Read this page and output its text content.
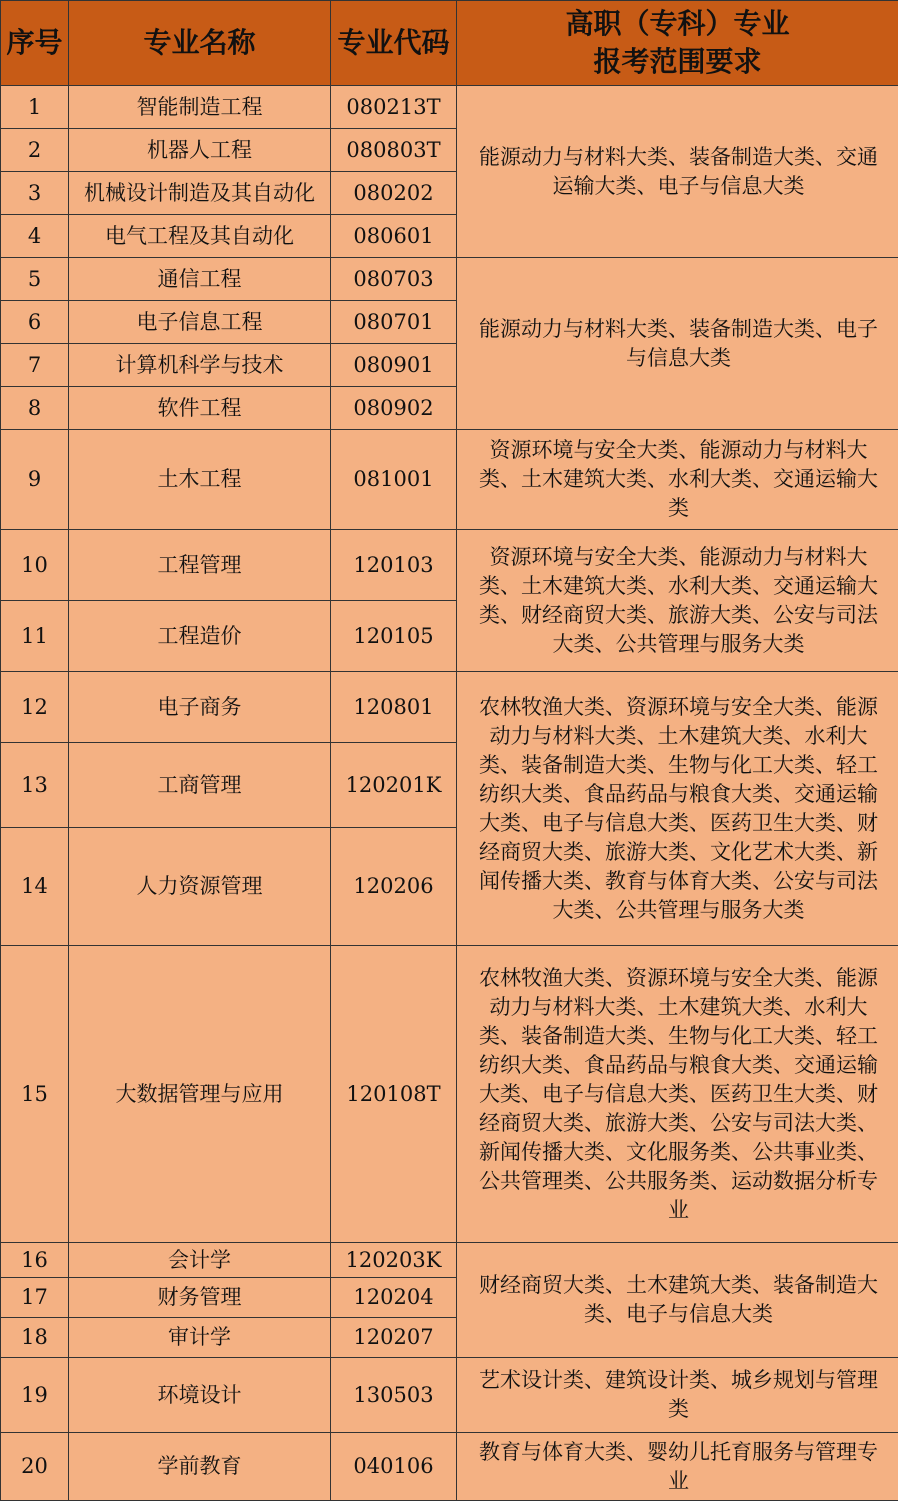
序号	专业名称	专业代码	高职（专科）专业
报考范围要求

1	智能制造工程	080213T	能源动力与材料大类、装备制造大类、交通运输大类、电子与信息大类
2	机器人工程	080803T	
3	机械设计制造及其自动化	080202	
4	电气工程及其自动化	080601	
5	通信工程	080703	能源动力与材料大类、装备制造大类、电子与信息大类
6	电子信息工程	080701	
7	计算机科学与技术	080901	
8	软件工程	080902	
9	土木工程	081001	资源环境与安全大类、能源动力与材料大类、土木建筑大类、水利大类、交通运输大类
10	工程管理	120103	资源环境与安全大类、能源动力与材料大类、土木建筑大类、水利大类、交通运输大类、财经商贸大类、旅游大类、公安与司法大类、公共管理与服务大类
11	工程造价	120105	
12	电子商务	120801	农林牧渔大类、资源环境与安全大类、能源动力与材料大类、土木建筑大类、水利大类、装备制造大类、生物与化工大类、轻工纺织大类、食品药品与粮食大类、交通运输大类、电子与信息大类、医药卫生大类、财经商贸大类、旅游大类、文化艺术大类、新闻传播大类、教育与体育大类、公安与司法大类、公共管理与服务大类
13	工商管理	120201K	
14	人力资源管理	120206	
15	大数据管理与应用	120108T	农林牧渔大类、资源环境与安全大类、能源动力与材料大类、土木建筑大类、水利大类、装备制造大类、生物与化工大类、轻工纺织大类、食品药品与粮食大类、交通运输大类、电子与信息大类、医药卫生大类、财经商贸大类、旅游大类、公安与司法大类、新闻传播大类、文化服务类、公共事业类、公共管理类、公共服务类、运动数据分析专业
16	会计学	120203K	财经商贸大类、土木建筑大类、装备制造大类、电子与信息大类
17	财务管理	120204	
18	审计学	120207	
19	环境设计	130503	艺术设计类、建筑设计类、城乡规划与管理类
20	学前教育	040106	教育与体育大类、婴幼儿托育服务与管理专业
